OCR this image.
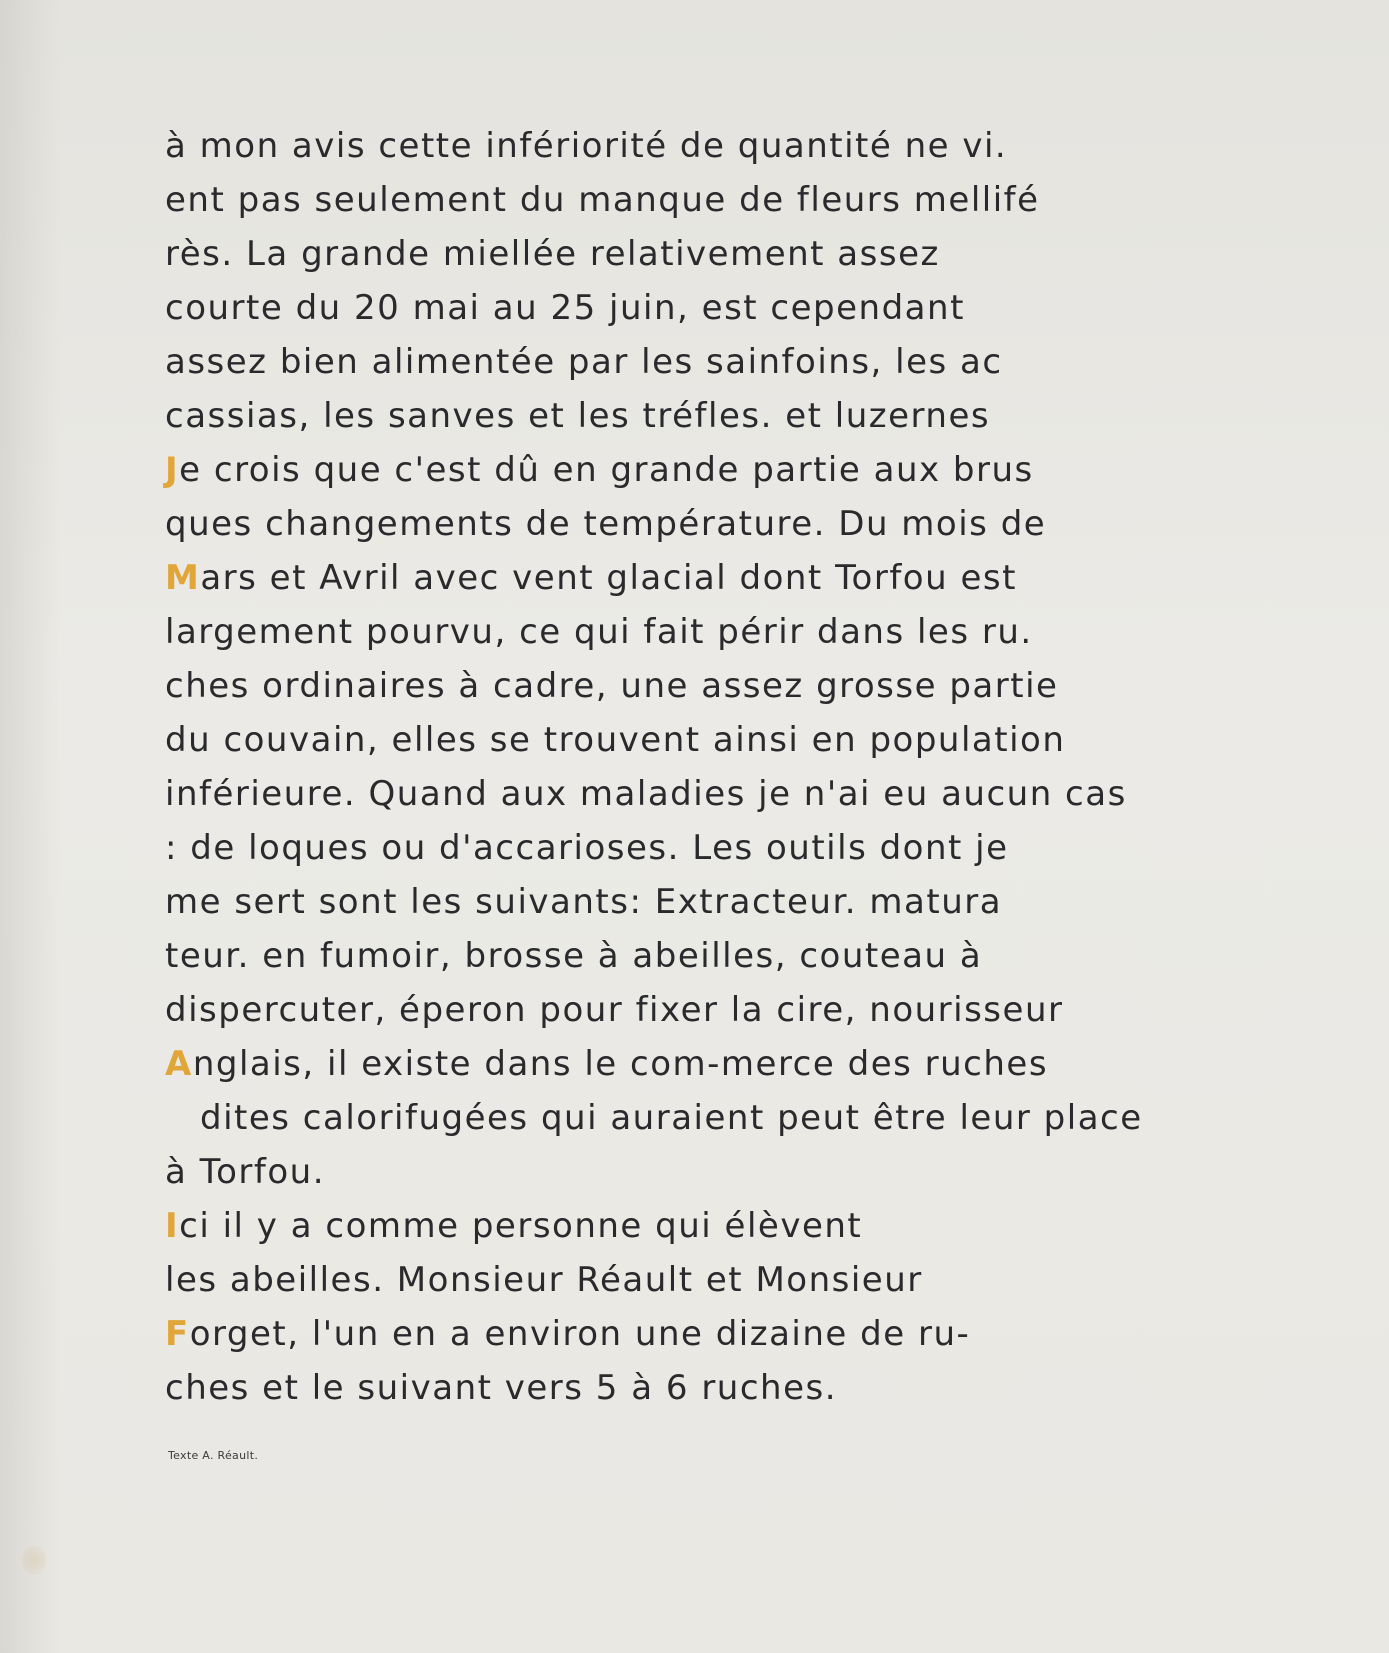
à mon avis cette infériorité de quantité ne vi.
ent pas seulement du manque de fleurs mellifé
rès. La grande miellée relativement assez
courte du 20 mai au 25 juin, est cependant
assez bien alimentée par les sainfoins, les ac
cassias, les sanves et les tréfles. et luzernes
Je crois que c'est dû en grande partie aux brus
ques changements de température. Du mois de
Mars et Avril avec vent glacial dont Torfou est
largement pourvu, ce qui fait périr dans les ru.
ches ordinaires à cadre, une assez grosse partie
du couvain, elles se trouvent ainsi en population
inférieure. Quand aux maladies je n'ai eu aucun cas
: de loques ou d'accarioses. Les outils dont je
me sert sont les suivants: Extracteur. matura
teur. en fumoir, brosse à abeilles, couteau à
dispercuter, éperon pour fixer la cire, nourisseur
Anglais, il existe dans le com-merce des ruches
dites calorifugées qui auraient peut être leur place
à Torfou.
Ici il y a comme personne qui élèvent
les abeilles. Monsieur Réault et Monsieur
Forget, l'un en a environ une dizaine de ru-
ches et le suivant vers 5 à 6 ruches.
Texte A. Réault.
